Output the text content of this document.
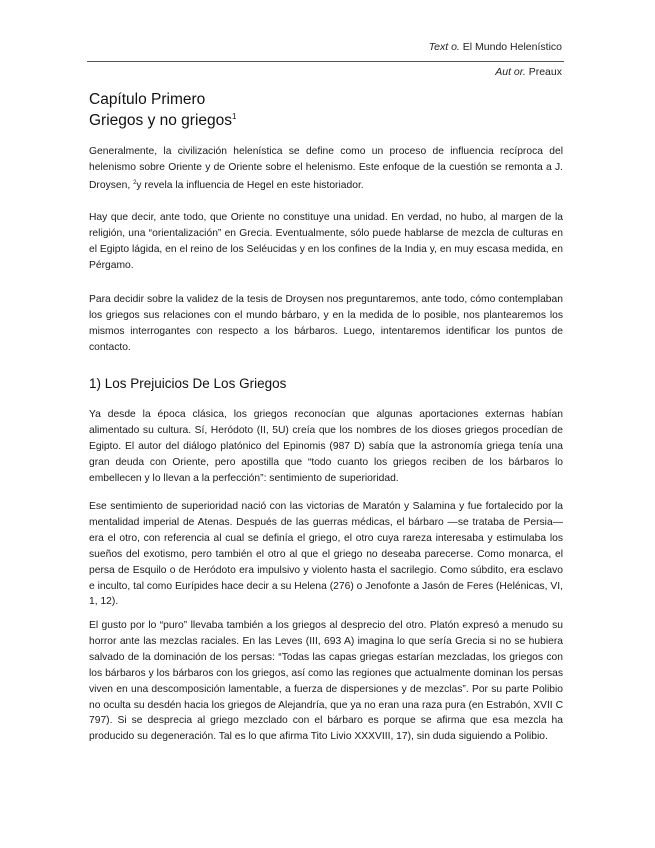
Text o. El Mundo Helenístico
Aut or. Preaux
Capítulo Primero
Griegos y no griegos$^1$

Generalmente, la civilización helenística se define como un proceso de influencia recíproca del helenismo sobre Oriente y de Oriente sobre el helenismo. Este enfoque de la cuestión se remonta a J. Droysen, $^2$y revela la influencia de Hegel en este historiador.

Hay que decir, ante todo, que Oriente no constituye una unidad. En verdad, no hubo, al margen de la religión, una “orientalización” en Grecia. Eventualmente, sólo puede hablarse de mezcla de culturas en el Egipto lágida, en el reino de los Seléucidas y en los confines de la India y, en muy escasa medida, en Pérgamo.

Para decidir sobre la validez de la tesis de Droysen nos preguntaremos, ante todo, cómo contemplaban los griegos sus relaciones con el mundo bárbaro, y en la medida de lo posible, nos plantearemos los mismos interrogantes con respecto a los bárbaros. Luego, intentaremos identificar los puntos de contacto.

1) Los Prejuicios De Los Griegos

Ya desde la época clásica, los griegos reconocían que algunas aportaciones externas habían alimentado su cultura. Sí, Heródoto (II, 5U) creía que los nombres de los dioses griegos procedían de Egipto. El autor del diálogo platónico del Epinomis (987 D) sabía que la astronomía griega tenía una gran deuda con Oriente, pero apostilla que “todo cuanto los griegos reciben de los bárbaros lo embellecen y lo llevan a la perfección”: sentimiento de superioridad.

Ese sentimiento de superioridad nació con las victorias de Maratón y Salamina y fue fortalecido por la mentalidad imperial de Atenas. Después de las guerras médicas, el bárbaro —se trataba de Persia— era el otro, con referencia al cual se definía el griego, el otro cuya rareza interesaba y estimulaba los sueños del exotismo, pero también el otro al que el griego no deseaba parecerse. Como monarca, el persa de Esquilo o de Heródoto era impulsivo y violento hasta el sacrilegio. Como súbdito, era esclavo e inculto, tal como Eurípides hace decir a su Helena (276) o Jenofonte a Jasón de Feres (Helénicas, VI, 1, 12).

El gusto por lo “puro” llevaba también a los griegos al desprecio del otro. Platón expresó a menudo su horror ante las mezclas raciales. En las Leves (III, 693 A) imagina lo que sería Grecia si no se hubiera salvado de la dominación de los persas: “Todas las capas griegas estarían mezcladas, los griegos con los bárbaros y los bárbaros con los griegos, así como las regiones que actualmente dominan los persas viven en una descomposición lamentable, a fuerza de dispersiones y de mezclas”. Por su parte Polibio no oculta su desdén hacia los griegos de Alejandría, que ya no eran una raza pura (en Estrabón, XVII C 797). Si se desprecia al griego mezclado con el bárbaro es porque se afirma que esa mezcla ha producido su degeneración. Tal es lo que afirma Tito Livio XXXVIII, 17), sin duda siguiendo a Polibio.
